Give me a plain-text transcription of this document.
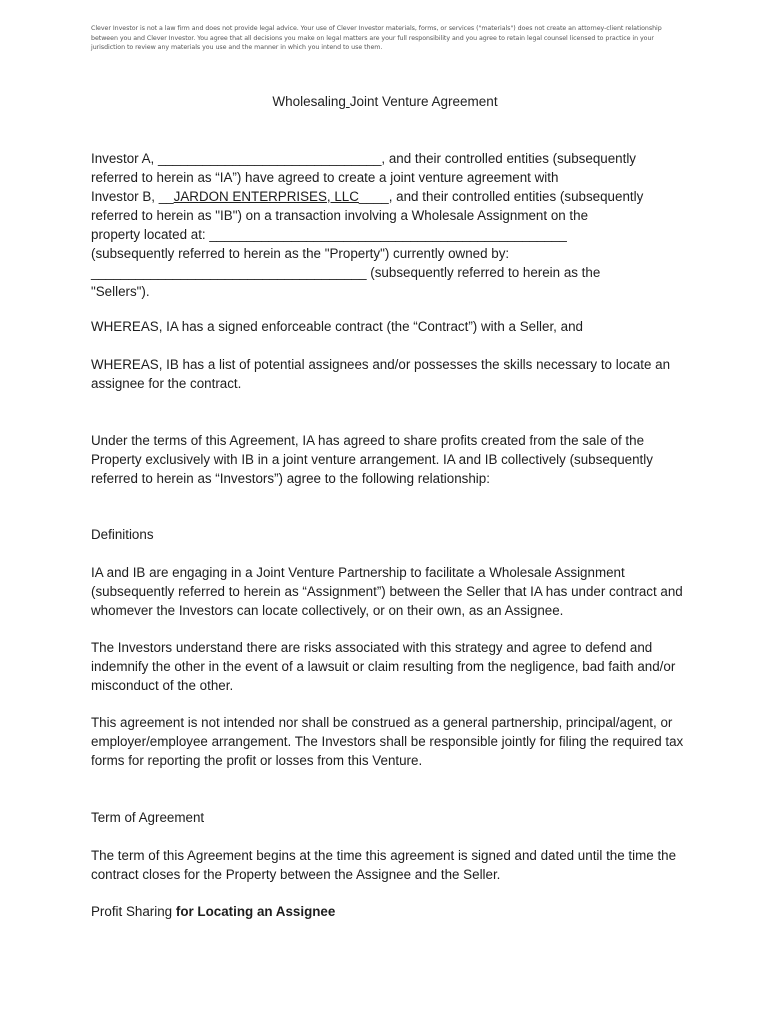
Clever Investor is not a law firm and does not provide legal advice. Your use of Clever Investor materials, forms, or services ("materials") does not create an attorney-client relationship between you and Clever Investor. You agree that all decisions you make on legal matters are your full responsibility and you agree to retain legal counsel licensed to practice in your jurisdiction to review any materials you use and the manner in which you intend to use them.
Wholesaling Joint Venture Agreement

Investor A, ______________________________, and their controlled entities (subsequently

referred to herein as “IA”) have agreed to create a joint venture agreement with

Investor B, __JARDON ENTERPRISES, LLC____, and their controlled entities (subsequently

referred to herein as "IB") on a transaction involving a Wholesale Assignment on the

property located at: ________________________________________________

(subsequently referred to herein as the "Property") currently owned by:

_____________________________________ (subsequently referred to herein as the

"Sellers").

WHEREAS, IA has a signed enforceable contract (the “Contract”) with a Seller, and
WHEREAS, IB has a list of potential assignees and/or possesses the skills necessary to locate an assignee for the contract.
Under the terms of this Agreement, IA has agreed to share profits created from the sale of the Property exclusively with IB in a joint venture arrangement. IA and IB collectively (subsequently referred to herein as “Investors”) agree to the following relationship:
Definitions
IA and IB are engaging in a Joint Venture Partnership to facilitate a Wholesale Assignment (subsequently referred to herein as “Assignment”) between the Seller that IA has under contract and whomever the Investors can locate collectively, or on their own, as an Assignee.
The Investors understand there are risks associated with this strategy and agree to defend and indemnify the other in the event of a lawsuit or claim resulting from the negligence, bad faith and/or misconduct of the other.
This agreement is not intended nor shall be construed as a general partnership, principal/agent, or employer/employee arrangement. The Investors shall be responsible jointly for filing the required tax forms for reporting the profit or losses from this Venture.
Term of Agreement
The term of this Agreement begins at the time this agreement is signed and dated until the time the contract closes for the Property between the Assignee and the Seller.
Profit Sharing for Locating an Assignee
